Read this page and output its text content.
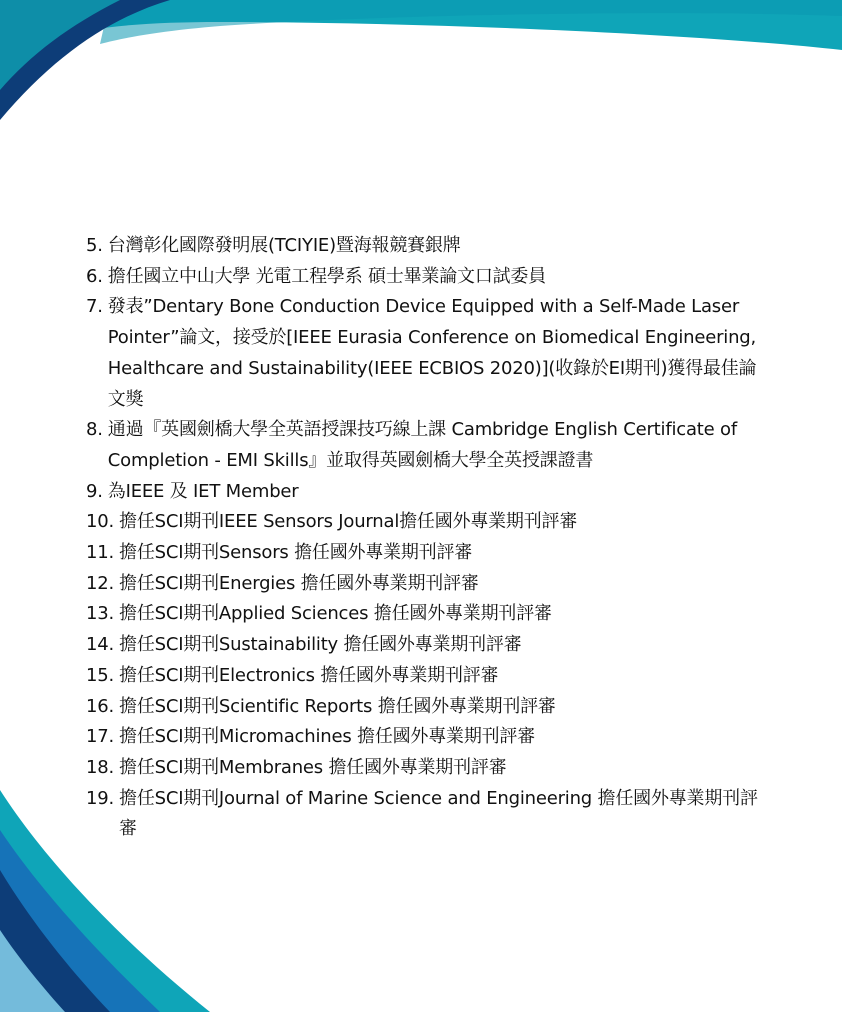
5. 台灣彰化國際發明展(TCIYIE)暨海報競賽銀牌
6. 擔任國立中山大學 光電工程學系 碩士畢業論文口試委員
7. 發表”Dentary Bone Conduction Device Equipped with a Self-Made Laser Pointer”論文，接受於[IEEE Eurasia Conference on Biomedical Engineering, Healthcare and Sustainability(IEEE ECBIOS 2020)](收錄於EI期刊)獲得最佳論文獎
8. 通過『英國劍橋大學全英語授課技巧線上課 Cambridge English Certificate of Completion - EMI Skills』並取得英國劍橋大學全英授課證書
9. 為IEEE 及 IET Member
10. 擔任SCI期刊IEEE Sensors Journal擔任國外專業期刊評審
11. 擔任SCI期刊Sensors 擔任國外專業期刊評審
12. 擔任SCI期刊Energies 擔任國外專業期刊評審
13. 擔任SCI期刊Applied Sciences 擔任國外專業期刊評審
14. 擔任SCI期刊Sustainability 擔任國外專業期刊評審
15. 擔任SCI期刊Electronics 擔任國外專業期刊評審
16. 擔任SCI期刊Scientific Reports 擔任國外專業期刊評審
17. 擔任SCI期刊Micromachines 擔任國外專業期刊評審
18. 擔任SCI期刊Membranes 擔任國外專業期刊評審
19. 擔任SCI期刊Journal of Marine Science and Engineering 擔任國外專業期刊評審
